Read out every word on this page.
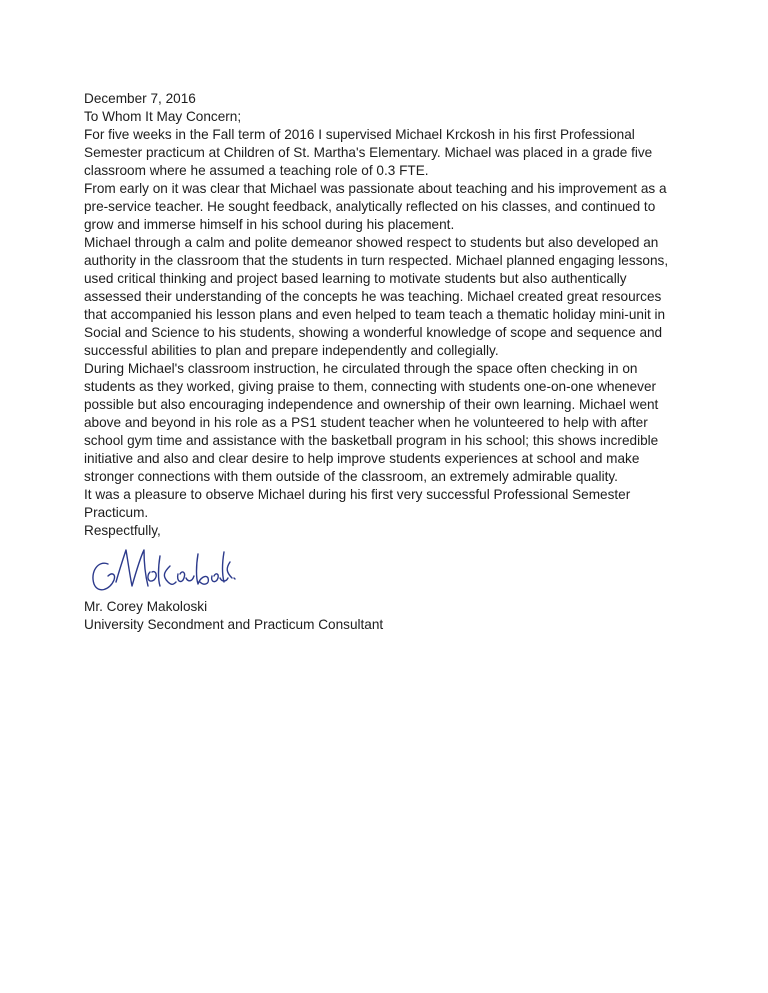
December 7, 2016

To Whom It May Concern;

For five weeks in the Fall term of 2016 I supervised Michael Krckosh in his first Professional Semester practicum at Children of St. Martha's Elementary. Michael was placed in a grade five classroom where he assumed a teaching role of 0.3 FTE.

From early on it was clear that Michael was passionate about teaching and his improvement as a pre-service teacher. He sought feedback, analytically reflected on his classes, and continued to grow and immerse himself in his school during his placement.

Michael through a calm and polite demeanor showed respect to students but also developed an authority in the classroom that the students in turn respected. Michael planned engaging lessons, used critical thinking and project based learning to motivate students but also authentically assessed their understanding of the concepts he was teaching. Michael created great resources that accompanied his lesson plans and even helped to team teach a thematic holiday mini-unit in Social and Science to his students, showing a wonderful knowledge of scope and sequence and successful abilities to plan and prepare independently and collegially.

During Michael's classroom instruction, he circulated through the space often checking in on students as they worked, giving praise to them, connecting with students one-on-one whenever possible but also encouraging independence and ownership of their own learning. Michael went above and beyond in his role as a PS1 student teacher when he volunteered to help with after school gym time and assistance with the basketball program in his school; this shows incredible initiative and also and clear desire to help improve students experiences at school and make stronger connections with them outside of the classroom, an extremely admirable quality.

It was a pleasure to observe Michael during his first very successful Professional Semester Practicum.

Respectfully,

Mr. Corey Makoloski

University Secondment and Practicum Consultant
